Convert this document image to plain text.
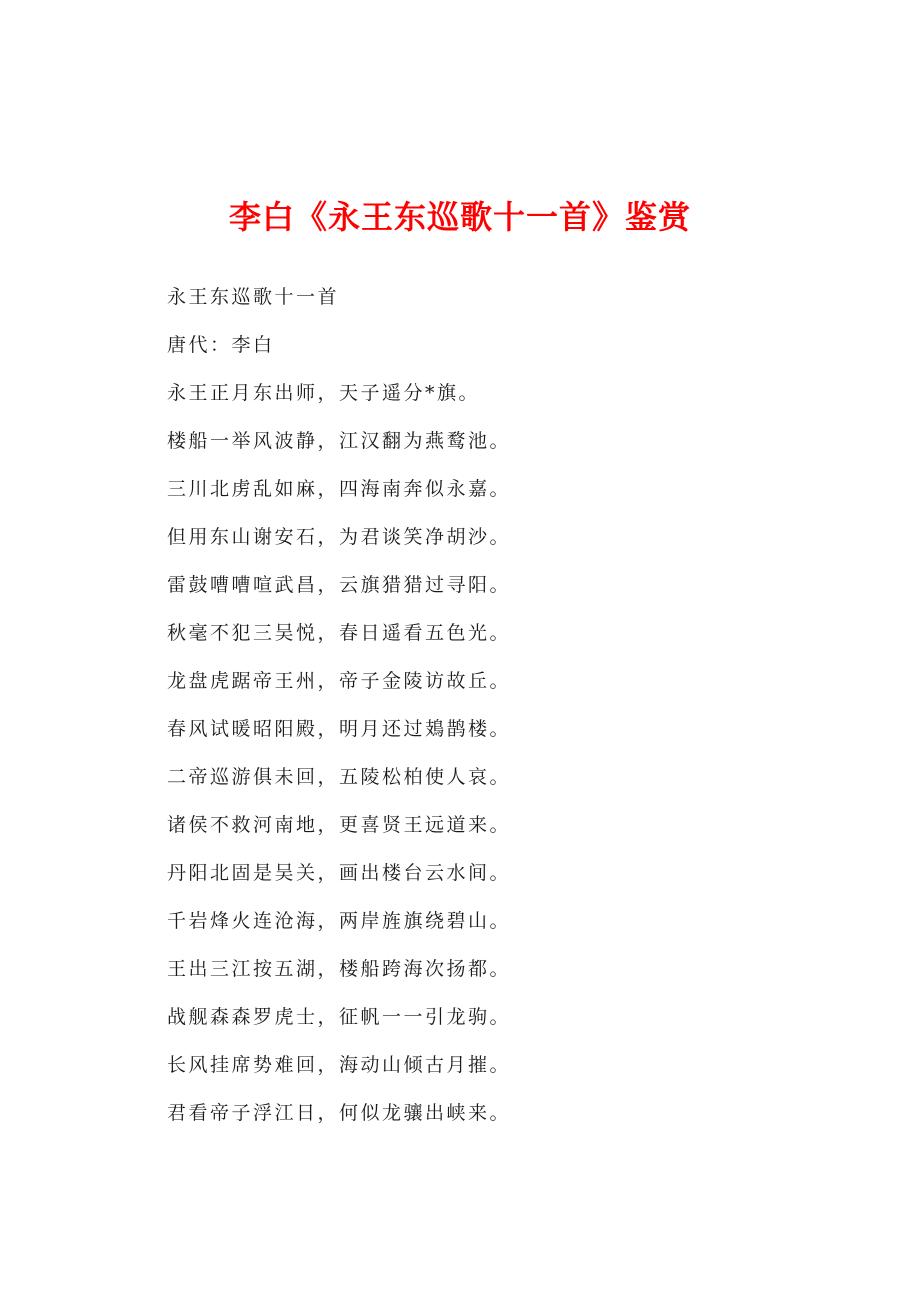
李白《永王东巡歌十一首》鉴赏
永王东巡歌十一首
唐代：李白
永王正月东出师，天子遥分*旗。
楼船一举风波静，江汉翻为燕鹜池。
三川北虏乱如麻，四海南奔似永嘉。
但用东山谢安石，为君谈笑净胡沙。
雷鼓嘈嘈喧武昌，云旗猎猎过寻阳。
秋毫不犯三吴悦，春日遥看五色光。
龙盘虎踞帝王州，帝子金陵访故丘。
春风试暖昭阳殿，明月还过鳷鹊楼。
二帝巡游俱未回，五陵松柏使人哀。
诸侯不救河南地，更喜贤王远道来。
丹阳北固是吴关，画出楼台云水间。
千岩烽火连沧海，两岸旌旗绕碧山。
王出三江按五湖，楼船跨海次扬都。
战舰森森罗虎士，征帆一一引龙驹。
长风挂席势难回，海动山倾古月摧。
君看帝子浮江日，何似龙骧出峡来。
